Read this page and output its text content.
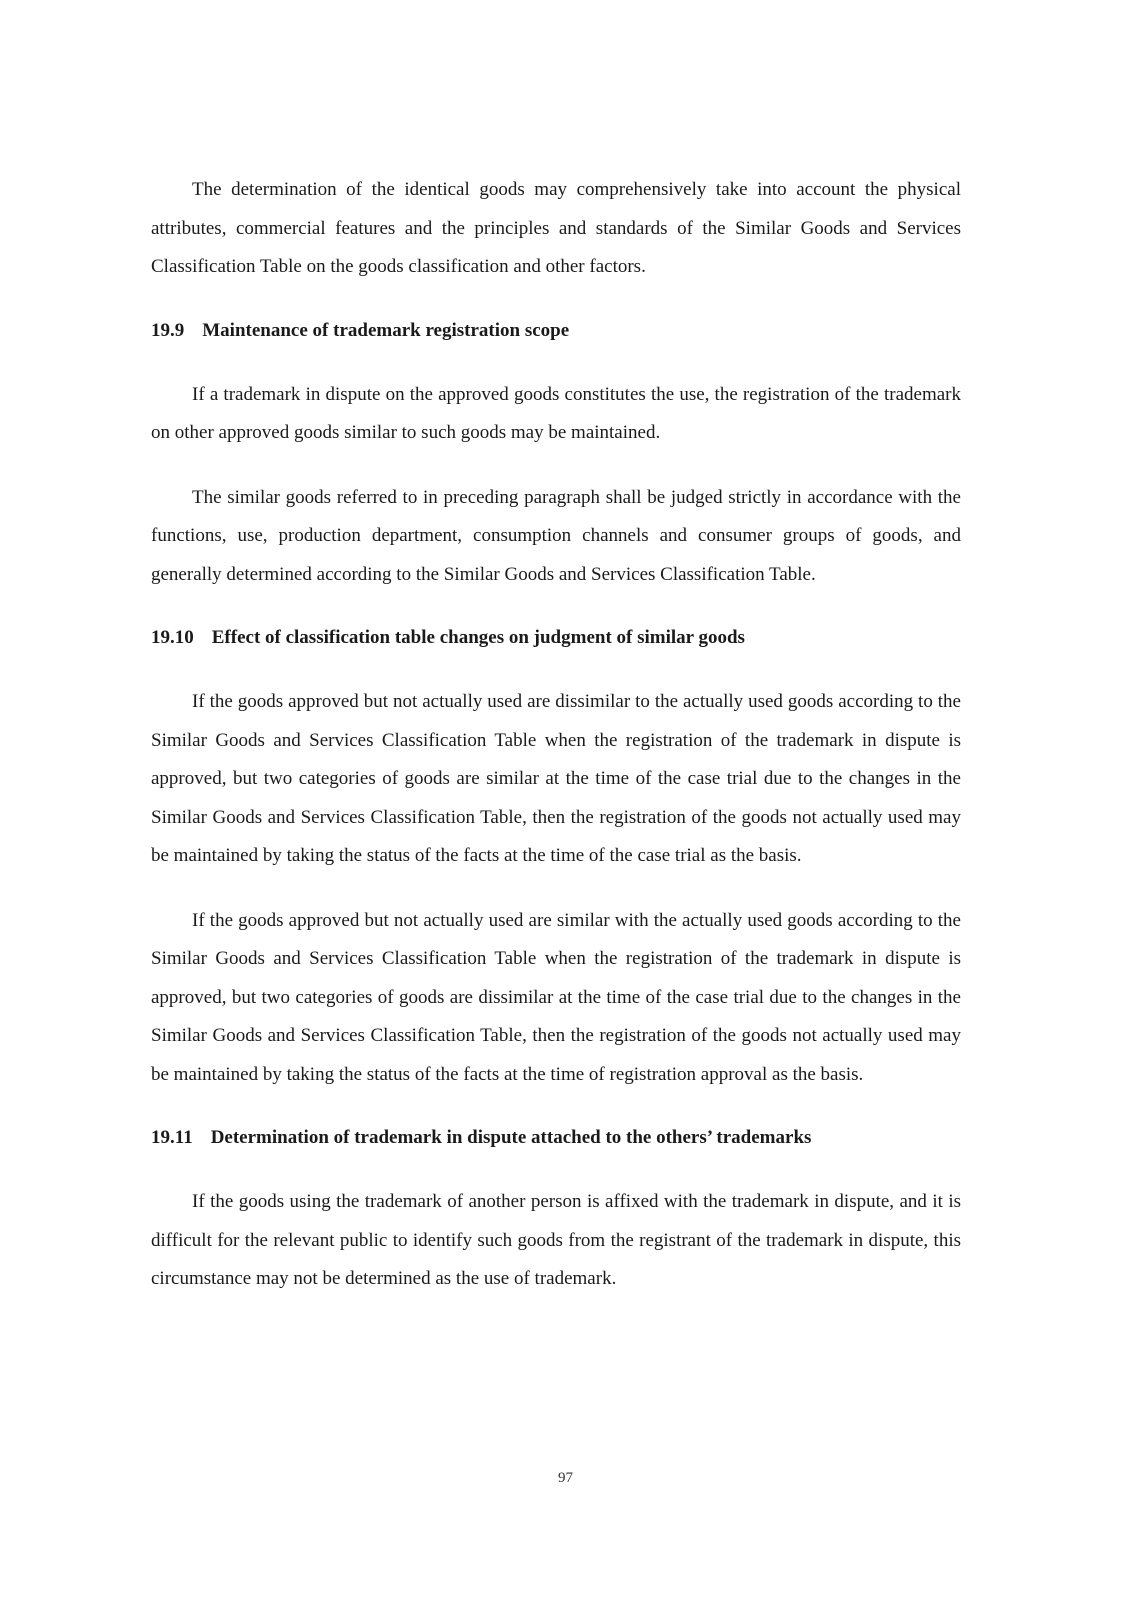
The determination of the identical goods may comprehensively take into account the physical attributes, commercial features and the principles and standards of the Similar Goods and Services Classification Table on the goods classification and other factors.

19.9 Maintenance of trademark registration scope

If a trademark in dispute on the approved goods constitutes the use, the registration of the trademark on other approved goods similar to such goods may be maintained.

The similar goods referred to in preceding paragraph shall be judged strictly in accordance with the functions, use, production department, consumption channels and consumer groups of goods, and generally determined according to the Similar Goods and Services Classification Table.

19.10 Effect of classification table changes on judgment of similar goods

If the goods approved but not actually used are dissimilar to the actually used goods according to the Similar Goods and Services Classification Table when the registration of the trademark in dispute is approved, but two categories of goods are similar at the time of the case trial due to the changes in the Similar Goods and Services Classification Table, then the registration of the goods not actually used may be maintained by taking the status of the facts at the time of the case trial as the basis.

If the goods approved but not actually used are similar with the actually used goods according to the Similar Goods and Services Classification Table when the registration of the trademark in dispute is approved, but two categories of goods are dissimilar at the time of the case trial due to the changes in the Similar Goods and Services Classification Table, then the registration of the goods not actually used may be maintained by taking the status of the facts at the time of registration approval as the basis.

19.11 Determination of trademark in dispute attached to the others’ trademarks

If the goods using the trademark of another person is affixed with the trademark in dispute, and it is difficult for the relevant public to identify such goods from the registrant of the trademark in dispute, this circumstance may not be determined as the use of trademark.

97
